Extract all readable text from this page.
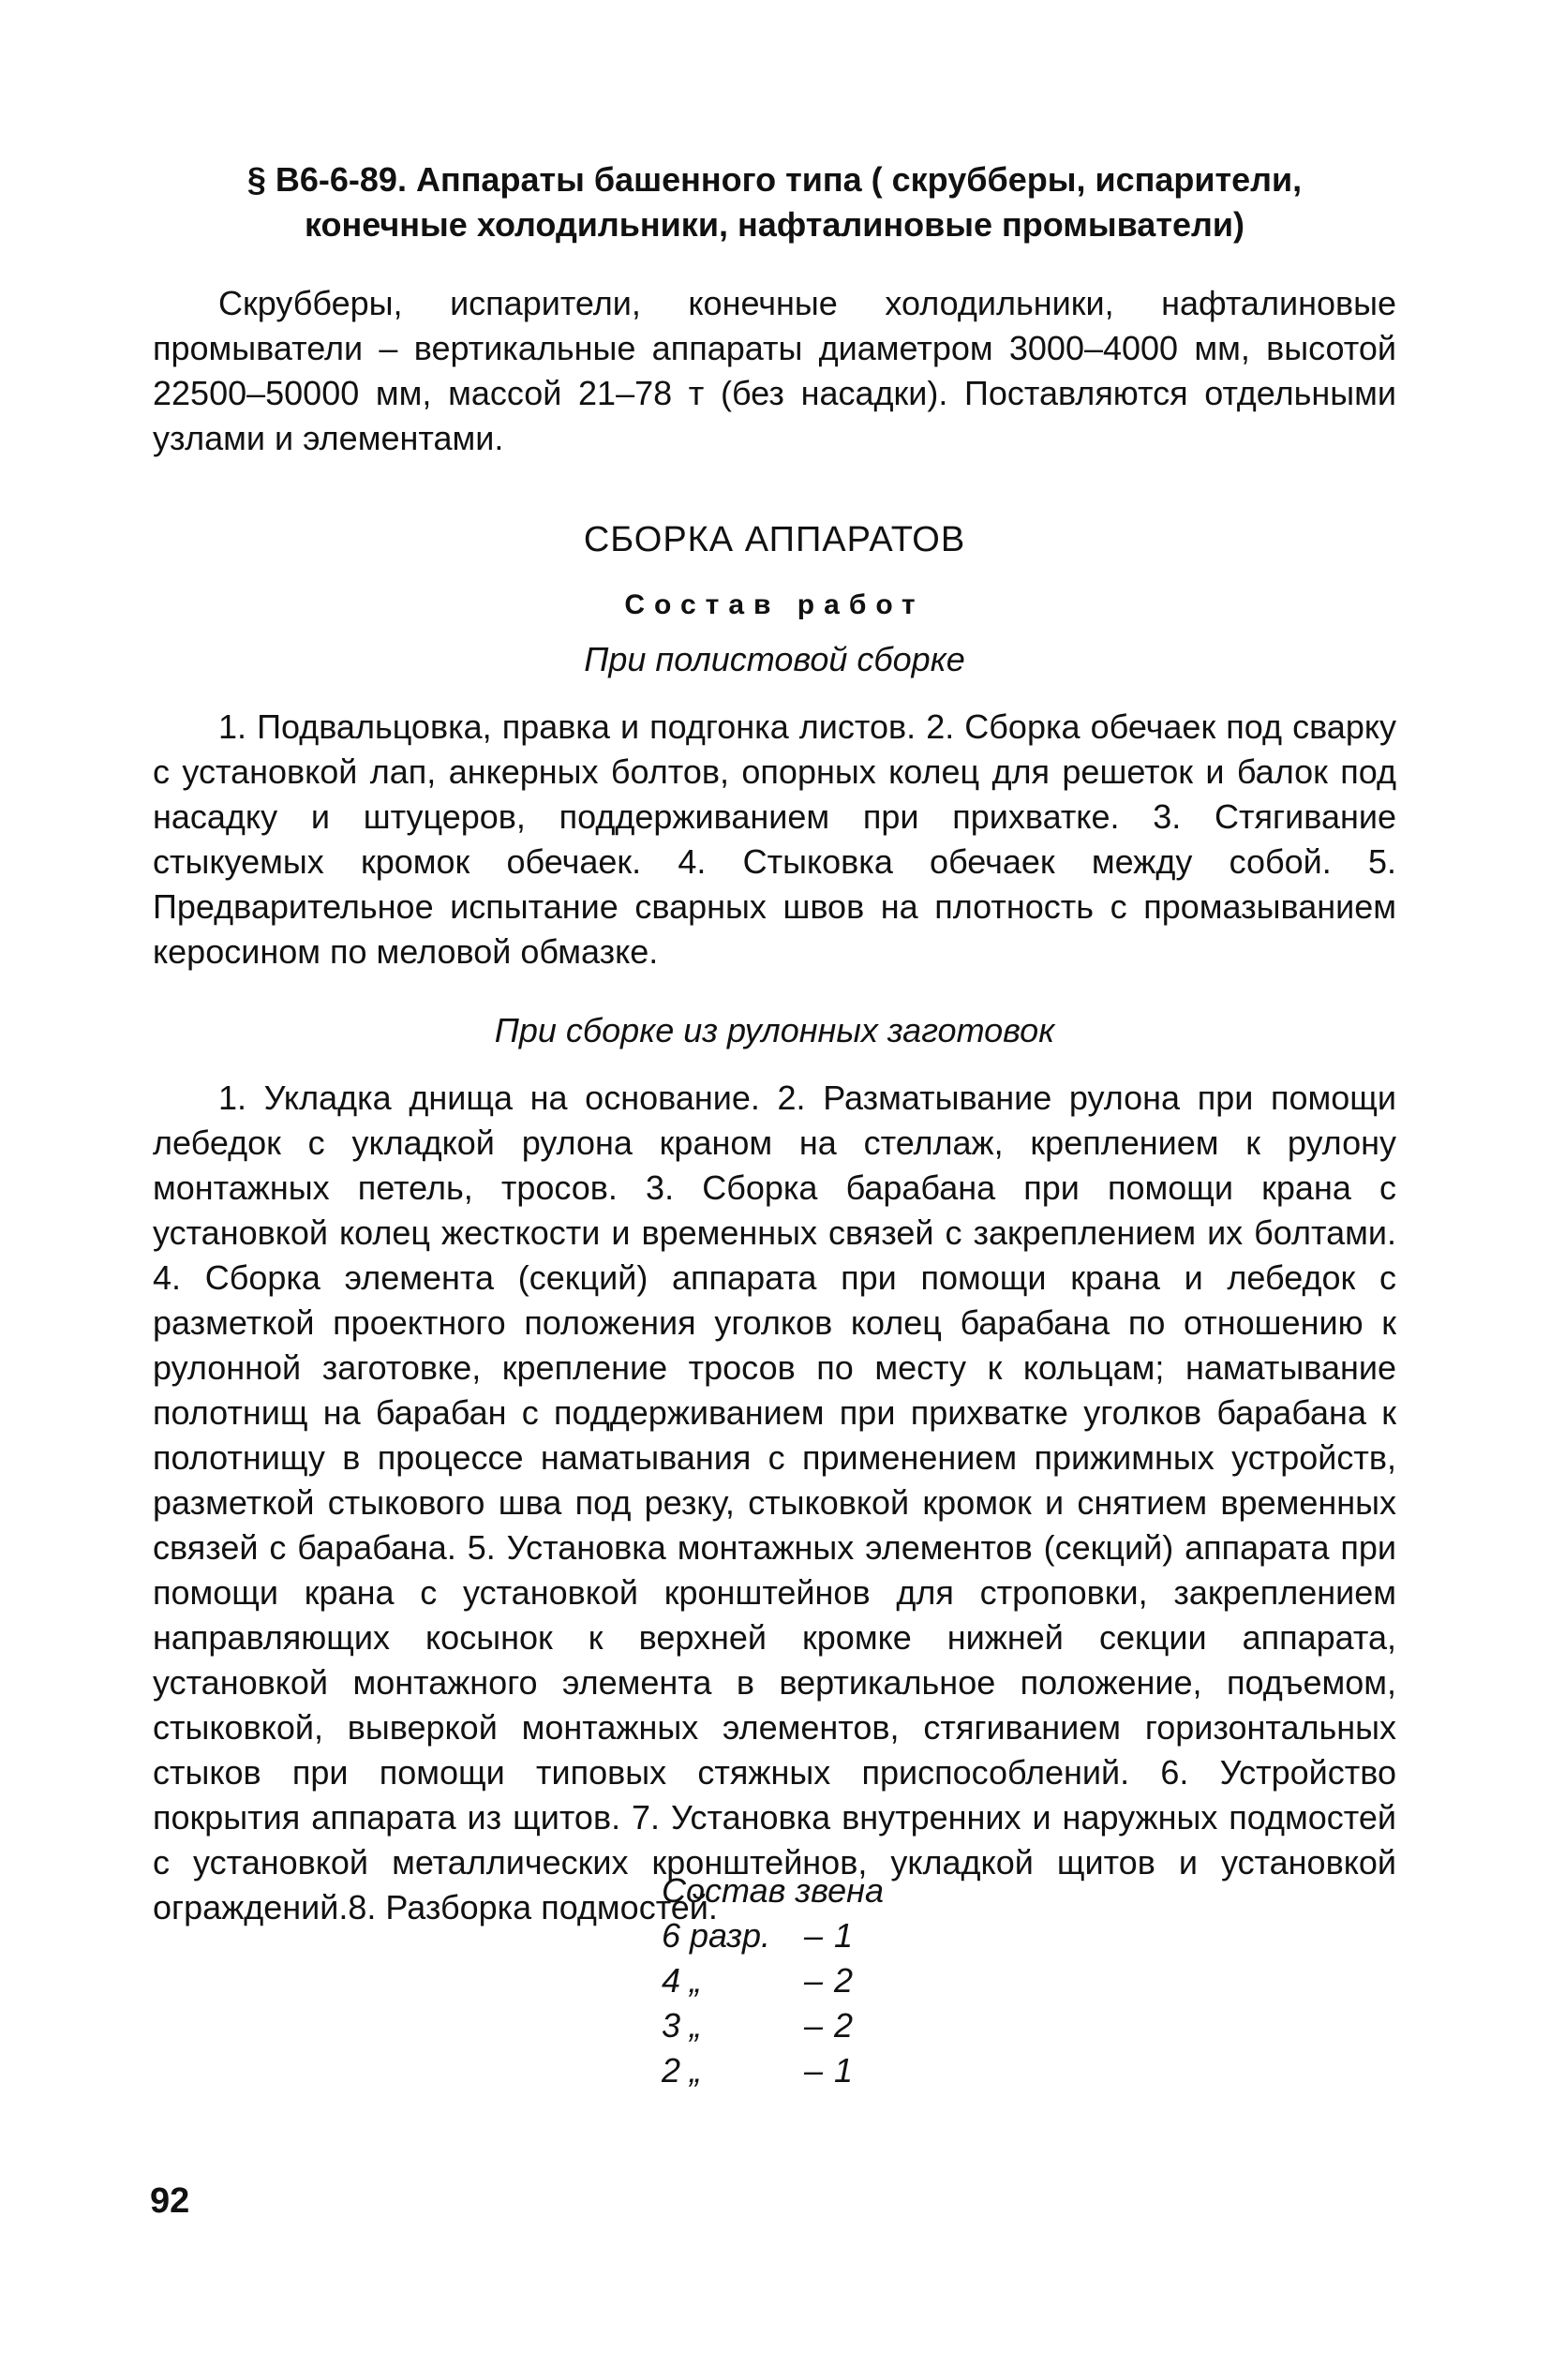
§ В6-6-89. Аппараты башенного типа ( скрубберы, испарители, конечные холодильники, нафталиновые промыватели)

Скрубберы, испарители, конечные холодильники, нафталиновые промыватели – вертикальные аппараты диаметром 3000–4000 мм, высотой 22500–50000 мм, массой 21–78 т (без насадки). Поставляются отдельными узлами и элементами.

СБОРКА АППАРАТОВ

Состав работ

При полистовой сборке

1. Подвальцовка, правка и подгонка листов. 2. Сборка обечаек под сварку с установкой лап, анкерных болтов, опорных колец для решеток и балок под насадку и штуцеров, поддерживанием при прихватке. 3. Стягивание стыкуемых кромок обечаек. 4. Стыковка обечаек между собой. 5. Предварительное испытание сварных швов на плотность с промазыванием керосином по меловой обмазке.

При сборке из рулонных заготовок

1. Укладка днища на основание. 2. Разматывание рулона при помощи лебедок с укладкой рулона краном на стеллаж, креплением к рулону монтажных петель, тросов. 3. Сборка барабана при помощи крана с установкой колец жесткости и временных связей с закреплением их болтами. 4. Сборка элемента (секций) аппарата при помощи крана и лебедок с разметкой проектного положения уголков колец барабана по отношению к рулонной заготовке, крепление тросов по месту к кольцам; наматывание полотнищ на барабан с поддерживанием при прихватке уголков барабана к полотнищу в процессе наматывания с применением прижимных устройств, разметкой стыкового шва под резку, стыковкой кромок и снятием временных связей с барабана. 5. Установка монтажных элементов (секций) аппарата при помощи крана с установкой кронштейнов для строповки, закреплением направляющих косынок к верхней кромке нижней секции аппарата, установкой монтажного элемента в вертикальное положение, подъемом, стыковкой, выверкой монтажных элементов, стягиванием горизонтальных стыков при помощи типовых стяжных приспособлений. 6. Устройство покрытия аппарата из щитов. 7. Установка внутренних и наружных подмостей с установкой металлических кронштейнов, укладкой щитов и установкой ограждений.8. Разборка подмостей.

Состав звена
6 разр. – 1
4 „	– 2
3 „	– 2
2 „	– 1
92
